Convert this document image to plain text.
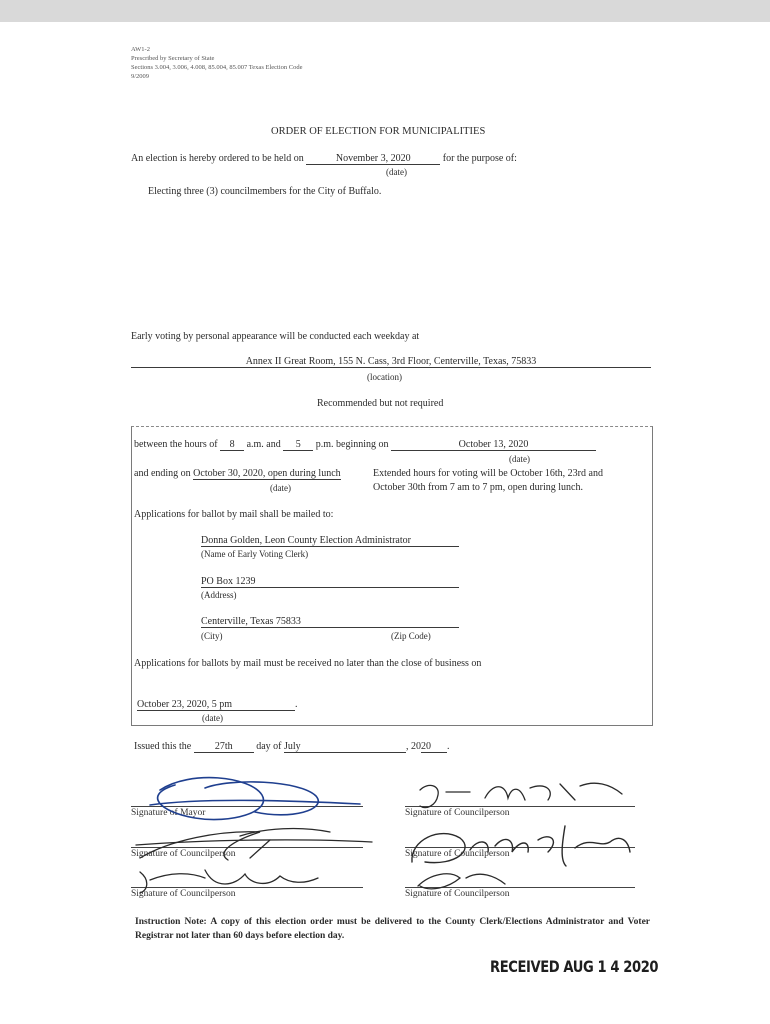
AW1-2
Prescribed by Secretary of State
Sections 3.004, 3.006, 4.008, 85.004, 85.007 Texas Election Code
9/2009
ORDER OF ELECTION FOR MUNICIPALITIES
An election is hereby ordered to be held on	November 3, 2020	for the purpose of:
(date)
Electing three (3) councilmembers for the City of Buffalo.
Early voting by personal appearance will be conducted each weekday at
Annex II Great Room, 155 N. Cass, 3rd Floor, Centerville, Texas, 75833
(location)
Recommended but not required
between the hours of 8 a.m. and 5 p.m. beginning on	October 13, 2020
(date)
and ending on October 30, 2020, open during lunch	Extended hours for voting will be October 16th, 23rd and
(date)	October 30th from 7 am to 7 pm, open during lunch.
Applications for ballot by mail shall be mailed to:
Donna Golden, Leon County Election Administrator
(Name of Early Voting Clerk)
PO Box 1239
(Address)
Centerville, Texas 75833
(City)	(Zip Code)
Applications for ballots by mail must be received no later than the close of business on
October 23, 2020, 5 pm	.
(date)
Issued this the 27th day of July	, 2020 .
Signature of Mayor
Signature of Councilperson
Signature of Councilperson
Signature of Councilperson
Signature of Councilperson
Signature of Councilperson
Instruction Note: A copy of this election order must be delivered to the County Clerk/Elections Administrator and Voter Registrar not later than 60 days before election day.
RECEIVED AUG 1 4 2020
